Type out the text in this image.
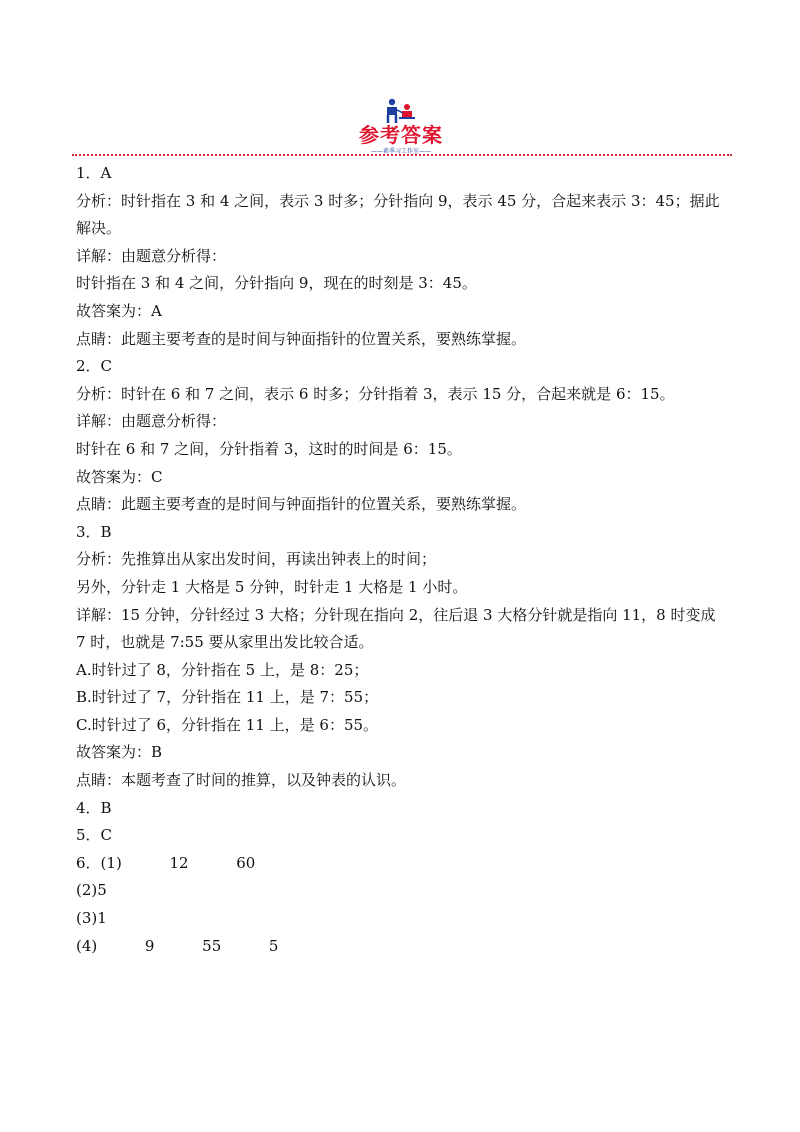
参考答案
——素季习工作室——

1．A

分析：时针指在 3 和 4 之间，表示 3 时多；分针指向 9，表示 45 分，合起来表示 3：45；据此

解决。

详解：由题意分析得：

时针指在 3 和 4 之间，分针指向 9，现在的时刻是 3：45。

故答案为：A

点睛：此题主要考查的是时间与钟面指针的位置关系，要熟练掌握。

2．C

分析：时针在 6 和 7 之间，表示 6 时多；分针指着 3，表示 15 分，合起来就是 6：15。

详解：由题意分析得：

时针在 6 和 7 之间，分针指着 3，这时的时间是 6：15。

故答案为：C

点睛：此题主要考查的是时间与钟面指针的位置关系，要熟练掌握。

3．B

分析：先推算出从家出发时间，再读出钟表上的时间；

另外，分针走 1 大格是 5 分钟，时针走 1 大格是 1 小时。

详解：15 分钟，分针经过 3 大格；分针现在指向 2，往后退 3 大格分针就是指向 11，8 时变成

7 时，也就是 7:55 要从家里出发比较合适。

A.时针过了 8，分针指在 5 上，是 8：25；

B.时针过了 7，分针指在 11 上，是 7：55；

C.时针过了 6，分针指在 11 上，是 6：55。

故答案为：B

点睛：本题考查了时间的推算，以及钟表的认识。

4．B

5．C

6．(1)          12          60

(2)5

(3)1

(4)          9          55          5
